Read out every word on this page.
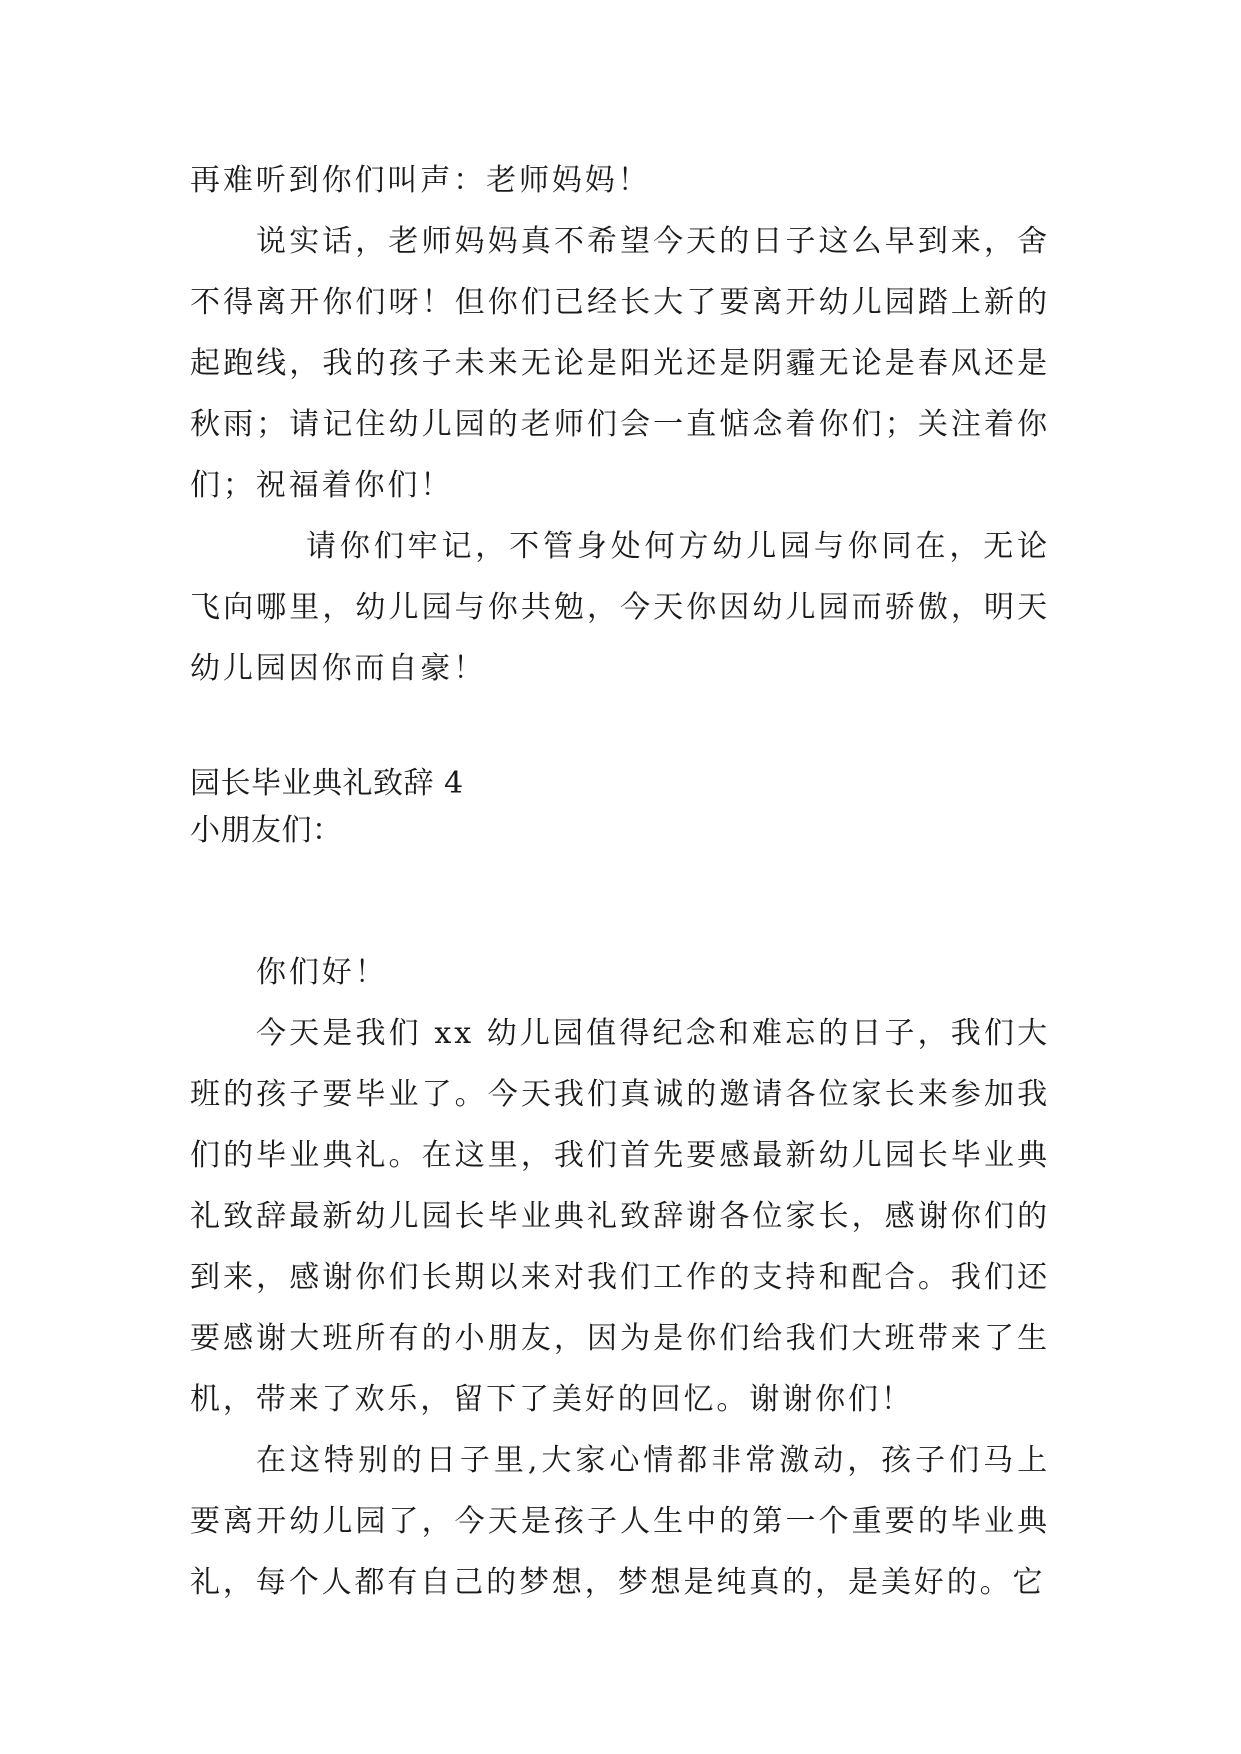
再难听到你们叫声：老师妈妈！

说实话，老师妈妈真不希望今天的日子这么早到来，舍不得离开你们呀！但你们已经长大了要离开幼儿园踏上新的起跑线，我的孩子未来无论是阳光还是阴霾无论是春风还是秋雨；请记住幼儿园的老师们会一直惦念着你们；关注着你们；祝福着你们！

请你们牢记，不管身处何方幼儿园与你同在，无论飞向哪里，幼儿园与你共勉，今天你因幼儿园而骄傲，明天幼儿园因你而自豪！

园长毕业典礼致辞 4

小朋友们：

你们好！

今天是我们 xx 幼儿园值得纪念和难忘的日子，我们大班的孩子要毕业了。今天我们真诚的邀请各位家长来参加我们的毕业典礼。在这里，我们首先要感最新幼儿园长毕业典礼致辞最新幼儿园长毕业典礼致辞谢各位家长，感谢你们的到来，感谢你们长期以来对我们工作的支持和配合。我们还要感谢大班所有的小朋友，因为是你们给我们大班带来了生机，带来了欢乐，留下了美好的回忆。谢谢你们！

在这特别的日子里,大家心情都非常激动，孩子们马上要离开幼儿园了，今天是孩子人生中的第一个重要的毕业典礼，每个人都有自己的梦想，梦想是纯真的，是美好的。它
